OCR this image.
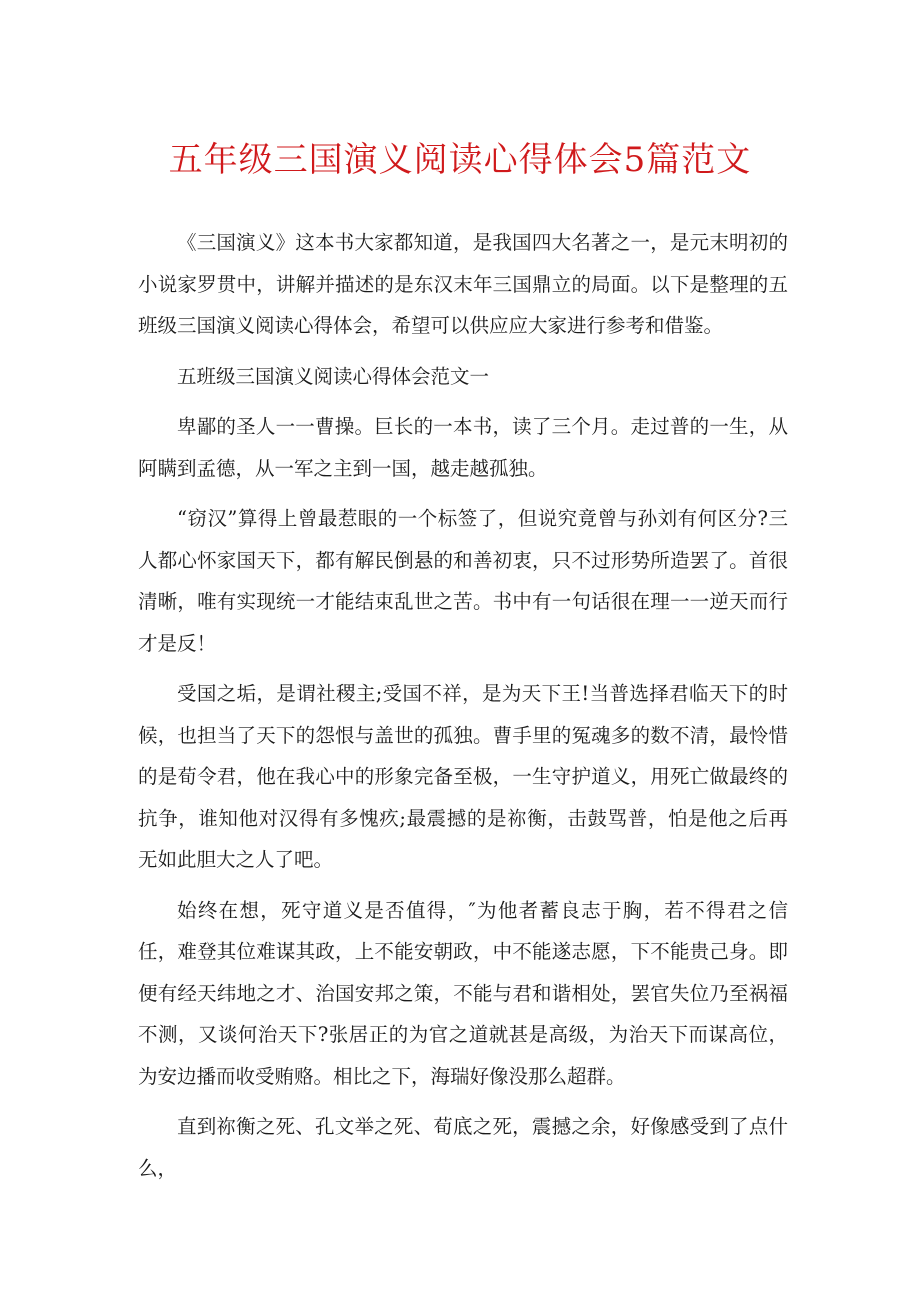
五年级三国演义阅读心得体会5篇范文

《三国演义》这本书大家都知道，是我国四大名著之一，是元末明初的小说家罗贯中，讲解并描述的是东汉末年三国鼎立的局面。以下是整理的五班级三国演义阅读心得体会，希望可以供应应大家进行参考和借鉴。

五班级三国演义阅读心得体会范文一

卑鄙的圣人一一曹操。巨长的一本书，读了三个月。走过普的一生，从阿瞒到孟德，从一军之主到一国，越走越孤独。

“窃汉”算得上曾最惹眼的一个标签了，但说究竟曾与孙刘有何区分?三人都心怀家国天下，都有解民倒悬的和善初衷，只不过形势所造罢了。首很清晰，唯有实现统一才能结束乱世之苦。书中有一句话很在理一一逆天而行才是反！

受国之垢，是谓社稷主;受国不祥，是为天下王!当普选择君临天下的时候，也担当了天下的怨恨与盖世的孤独。曹手里的冤魂多的数不清，最怜惜的是荀令君，他在我心中的形象完备至极，一生守护道义，用死亡做最终的抗争，谁知他对汉得有多愧疚;最震撼的是祢衡，击鼓骂普，怕是他之后再无如此胆大之人了吧。

始终在想，死守道义是否值得，″为他者蓄良志于胸，若不得君之信任，难登其位难谋其政，上不能安朝政，中不能遂志愿，下不能贵己身。即便有经天纬地之才、治国安邦之策，不能与君和谐相处，罢官失位乃至祸福不测，又谈何治天下?张居正的为官之道就甚是高级，为治天下而谋高位，为安边播而收受贿赂。相比之下，海瑞好像没那么超群。

直到祢衡之死、孔文举之死、荀底之死，震撼之余，好像感受到了点什么，
